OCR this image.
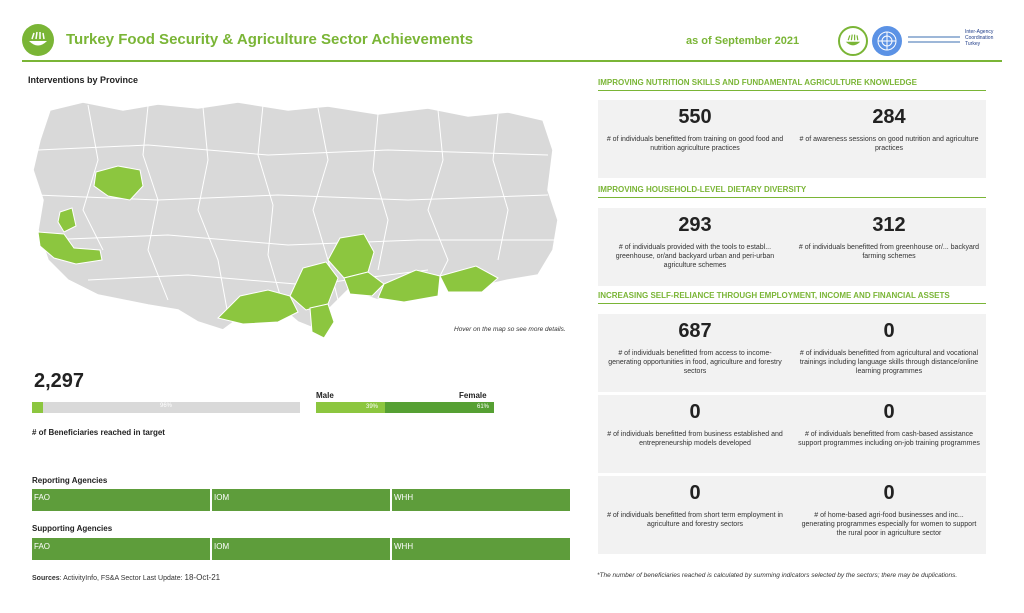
Turkey Food Security & Agriculture Sector Achievements	as of September 2021
Inter-Agency Coordination Turkey
Interventions by Province
Hover on the map so see more details.
2,297
96%
# of Beneficiaries reached in target
Male	Female
39%	61%
Reporting Agencies
FAO	IOM	WHH
Supporting Agencies
FAO	IOM	WHH
Sources: ActivityInfo, FS&A Sector Last Update: 18-Oct-21
IMPROVING NUTRITION SKILLS AND FUNDAMENTAL AGRICULTURE KNOWLEDGE
550
# of individuals benefitted from training on good food and nutrition agriculture practices
284
# of awareness sessions on good nutrition and agriculture practices
IMPROVING HOUSEHOLD-LEVEL DIETARY DIVERSITY
293
# of individuals provided with the tools to establ... greenhouse, or/and backyard urban and peri-urban agriculture schemes
312
# of individuals benefitted from greenhouse or/... backyard farming schemes
INCREASING SELF-RELIANCE THROUGH EMPLOYMENT, INCOME AND FINANCIAL ASSETS
687
# of individuals benefitted from access to income-generating opportunities in food, agriculture and forestry sectors
0
# of individuals benefitted from agricultural and vocational trainings including language skills through distance/online learning programmes
0
# of individuals benefitted from business established and entrepreneurship models developed
0
# of individuals benefitted from cash-based assistance support programmes including on-job training programmes
0
# of individuals benefitted from short term employment in agriculture and forestry sectors
0
# of home-based agri-food businesses and inc... generating programmes especially for women to support the rural poor in agriculture sector
*The number of beneficiaries reached is calculated by summing indicators selected by the sectors; there may be duplications.
